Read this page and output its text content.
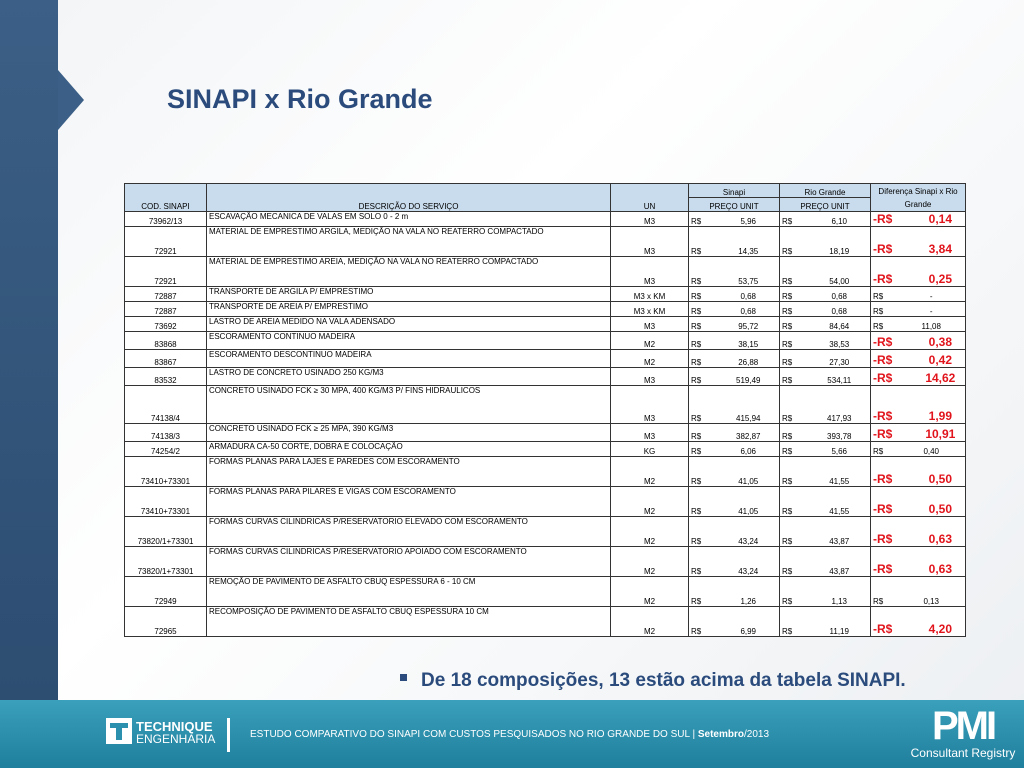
SINAPI x Rio Grande
COD. SINAPI	DESCRIÇÃO DO SERVIÇO	UN	Sinapi	Rio Grande	Diferença Sinapi x Rio Grande
			PREÇO UNIT	PREÇO UNIT	
73962/13	ESCAVAÇÃO MECANICA DE VALAS EM SOLO 0 - 2 m	M3	R$ 5,96	R$ 6,10	-R$ 0,14
72921	MATERIAL DE EMPRESTIMO ARGILA, MEDIÇÃO NA VALA NO REATERRO COMPACTADO	M3	R$ 14,35	R$ 18,19	-R$ 3,84
72921	MATERIAL DE EMPRESTIMO AREIA, MEDIÇÃO NA VALA NO REATERRO COMPACTADO	M3	R$ 53,75	R$ 54,00	-R$ 0,25
72887	TRANSPORTE DE ARGILA P/ EMPRESTIMO	M3 x KM	R$ 0,68	R$ 0,68	R$ -
72887	TRANSPORTE DE AREIA P/ EMPRESTIMO	M3 x KM	R$ 0,68	R$ 0,68	R$ -
73692	LASTRO DE AREIA MEDIDO NA VALA ADENSADO	M3	R$ 95,72	R$ 84,64	R$ 11,08
83868	ESCORAMENTO CONTINUO MADEIRA	M2	R$ 38,15	R$ 38,53	-R$ 0,38
83867	ESCORAMENTO DESCONTINUO MADEIRA	M2	R$ 26,88	R$ 27,30	-R$ 0,42
83532	LASTRO DE CONCRETO USINADO 250 KG/M3	M3	R$ 519,49	R$ 534,11	-R$ 14,62
74138/4	CONCRETO USINADO FCK ≥ 30 MPA, 400 KG/M3 P/ FINS HIDRAULICOS	M3	R$ 415,94	R$ 417,93	-R$ 1,99
74138/3	CONCRETO USINADO FCK ≥ 25 MPA, 390 KG/M3	M3	R$ 382,87	R$ 393,78	-R$ 10,91
74254/2	ARMADURA CA-50 CORTE, DOBRA E COLOCAÇÃO	KG	R$ 6,06	R$ 5,66	R$ 0,40
73410+73301	FORMAS PLANAS PARA LAJES E PAREDES COM ESCORAMENTO	M2	R$ 41,05	R$ 41,55	-R$ 0,50
73410+73301	FORMAS PLANAS PARA PILARES E VIGAS COM ESCORAMENTO	M2	R$ 41,05	R$ 41,55	-R$ 0,50
73820/1+73301	FORMAS CURVAS CILINDRICAS P/RESERVATORIO ELEVADO COM ESCORAMENTO	M2	R$ 43,24	R$ 43,87	-R$ 0,63
73820/1+73301	FORMAS CURVAS CILINDRICAS P/RESERVATORIO APOIADO COM ESCORAMENTO	M2	R$ 43,24	R$ 43,87	-R$ 0,63
72949	REMOÇÃO DE PAVIMENTO DE ASFALTO CBUQ ESPESSURA 6 - 10 CM	M2	R$ 1,26	R$ 1,13	R$ 0,13
72965	RECOMPOSIÇÃO DE PAVIMENTO DE ASFALTO CBUQ ESPESSURA 10 CM	M2	R$ 6,99	R$ 11,19	-R$ 4,20
De 18 composições, 13 estão acima da tabela SINAPI.
TECHNIQUE
ENGENHARIA	ESTUDO COMPARATIVO DO SINAPI COM CUSTOS PESQUISADOS NO RIO GRANDE DO SUL | Setembro/2013	PMI
Consultant Registry
